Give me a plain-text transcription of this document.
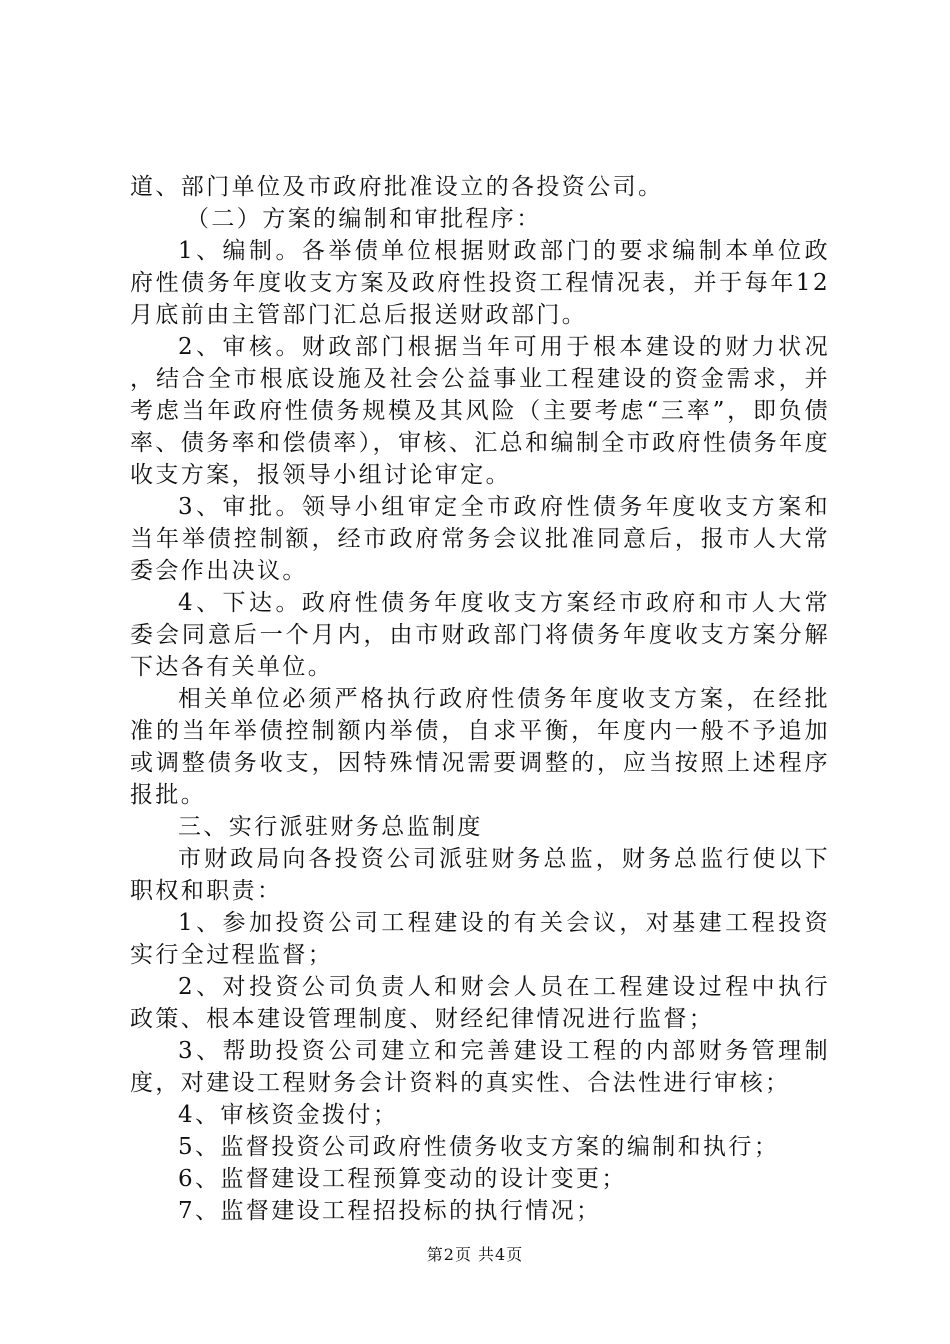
道、部门单位及市政府批准设立的各投资公司。

（二）方案的编制和审批程序：

1、编制。各举债单位根据财政部门的要求编制本单位政府性债务年度收支方案及政府性投资工程情况表，并于每年12月底前由主管部门汇总后报送财政部门。

2、审核。财政部门根据当年可用于根本建设的财力状况，结合全市根底设施及社会公益事业工程建设的资金需求，并考虑当年政府性债务规模及其风险（主要考虑“三率”，即负债率、债务率和偿债率），审核、汇总和编制全市政府性债务年度收支方案，报领导小组讨论审定。

3、审批。领导小组审定全市政府性债务年度收支方案和当年举债控制额，经市政府常务会议批准同意后，报市人大常委会作出决议。

4、下达。政府性债务年度收支方案经市政府和市人大常委会同意后一个月内，由市财政部门将债务年度收支方案分解下达各有关单位。

相关单位必须严格执行政府性债务年度收支方案，在经批准的当年举债控制额内举债，自求平衡，年度内一般不予追加或调整债务收支，因特殊情况需要调整的，应当按照上述程序报批。

三、实行派驻财务总监制度

市财政局向各投资公司派驻财务总监，财务总监行使以下职权和职责：

1、参加投资公司工程建设的有关会议，对基建工程投资实行全过程监督；

2、对投资公司负责人和财会人员在工程建设过程中执行政策、根本建设管理制度、财经纪律情况进行监督；

3、帮助投资公司建立和完善建设工程的内部财务管理制度，对建设工程财务会计资料的真实性、合法性进行审核；

4、审核资金拨付；

5、监督投资公司政府性债务收支方案的编制和执行；

6、监督建设工程预算变动的设计变更；

7、监督建设工程招投标的执行情况；

第2页 共4页
